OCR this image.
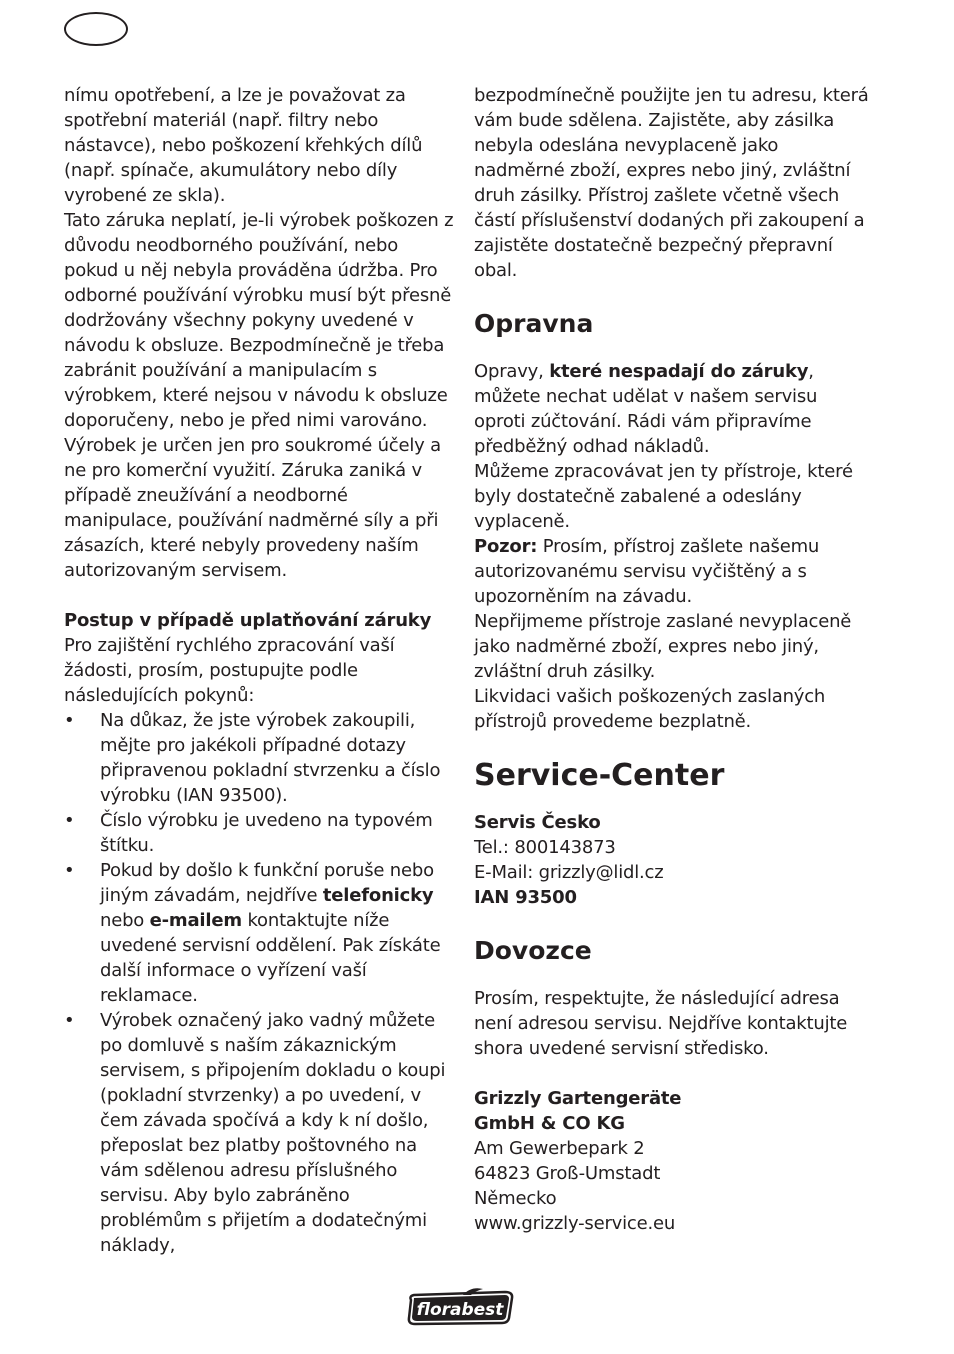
nímu opotřebení, a lze je považovat za spotřební materiál (např. filtry nebo nástavce), nebo poškození křehkých dílů (např. spínače, akumulátory nebo díly vyrobené ze skla).

Tato záruka neplatí, je-li výrobek poškozen z důvodu neodborného používání, nebo pokud u něj nebyla prováděna údržba. Pro odborné používání výrobku musí být přesně dodržovány všechny pokyny uvedené v návodu k obsluze. Bezpodmínečně je třeba zabránit používání a manipulacím s výrobkem, které nejsou v návodu k obsluze doporučeny, nebo je před nimi varováno. Výrobek je určen jen pro soukromé účely a ne pro komerční využití. Záruka zaniká v případě zneužívání a neodborné manipulace, používání nadměrné síly a při zásazích, které nebyly provedeny naším autorizovaným servisem.

Postup v případě uplatňování záruky

Pro zajištění rychlého zpracování vaší žádosti, prosím, postupujte podle následujících pokynů:

• Na důkaz, že jste výrobek zakoupili, mějte pro jakékoli případné dotazy připravenou pokladní stvrzenku a číslo výrobku (IAN 93500).
• Číslo výrobku je uvedeno na typovém štítku.
• Pokud by došlo k funkční poruše nebo jiným závadám, nejdříve telefonicky nebo e-mailem kontaktujte níže uvedené servisní oddělení. Pak získáte další informace o vyřízení vaší reklamace.
• Výrobek označený jako vadný můžete po domluvě s naším zákaznickým servisem, s připojením dokladu o koupi (pokladní stvrzenky) a po uvedení, v čem závada spočívá a kdy k ní došlo, přeposlat bez platby poštovného na vám sdělenou adresu příslušného servisu. Aby bylo zabráněno problémům s přijetím a dodatečnými náklady,

bezpodmínečně použijte jen tu adresu, která vám bude sdělena. Zajistěte, aby zásilka nebyla odeslána nevyplaceně jako nadměrné zboží, expres nebo jiný, zvláštní druh zásilky. Přístroj zašlete včetně všech částí příslušenství dodaných při zakoupení a zajistěte dostatečně bezpečný přepravní obal.

Opravna

Opravy, které nespadají do záruky, můžete nechat udělat v našem servisu oproti zúčtování. Rádi vám připravíme předběžný odhad nákladů.

Můžeme zpracovávat jen ty přístroje, které byly dostatečně zabalené a odeslány vyplaceně.

Pozor: Prosím, přístroj zašlete našemu autorizovanému servisu vyčištěný a s upozorněním na závadu.

Nepřijmeme přístroje zaslané nevyplaceně jako nadměrné zboží, expres nebo jiný, zvláštní druh zásilky.

Likvidaci vašich poškozených zaslaných přístrojů provedeme bezplatně.

Service-Center

Servis Česko

Tel.: 800143873

E-Mail: grizzly@lidl.cz

IAN 93500

Dovozce

Prosím, respektujte, že následující adresa není adresou servisu. Nejdříve kontaktujte shora uvedené servisní středisko.

Grizzly Gartengeräte

GmbH & CO KG

Am Gewerbepark 2

64823 Groß-Umstadt

Německo

www.grizzly-service.eu

florabest
